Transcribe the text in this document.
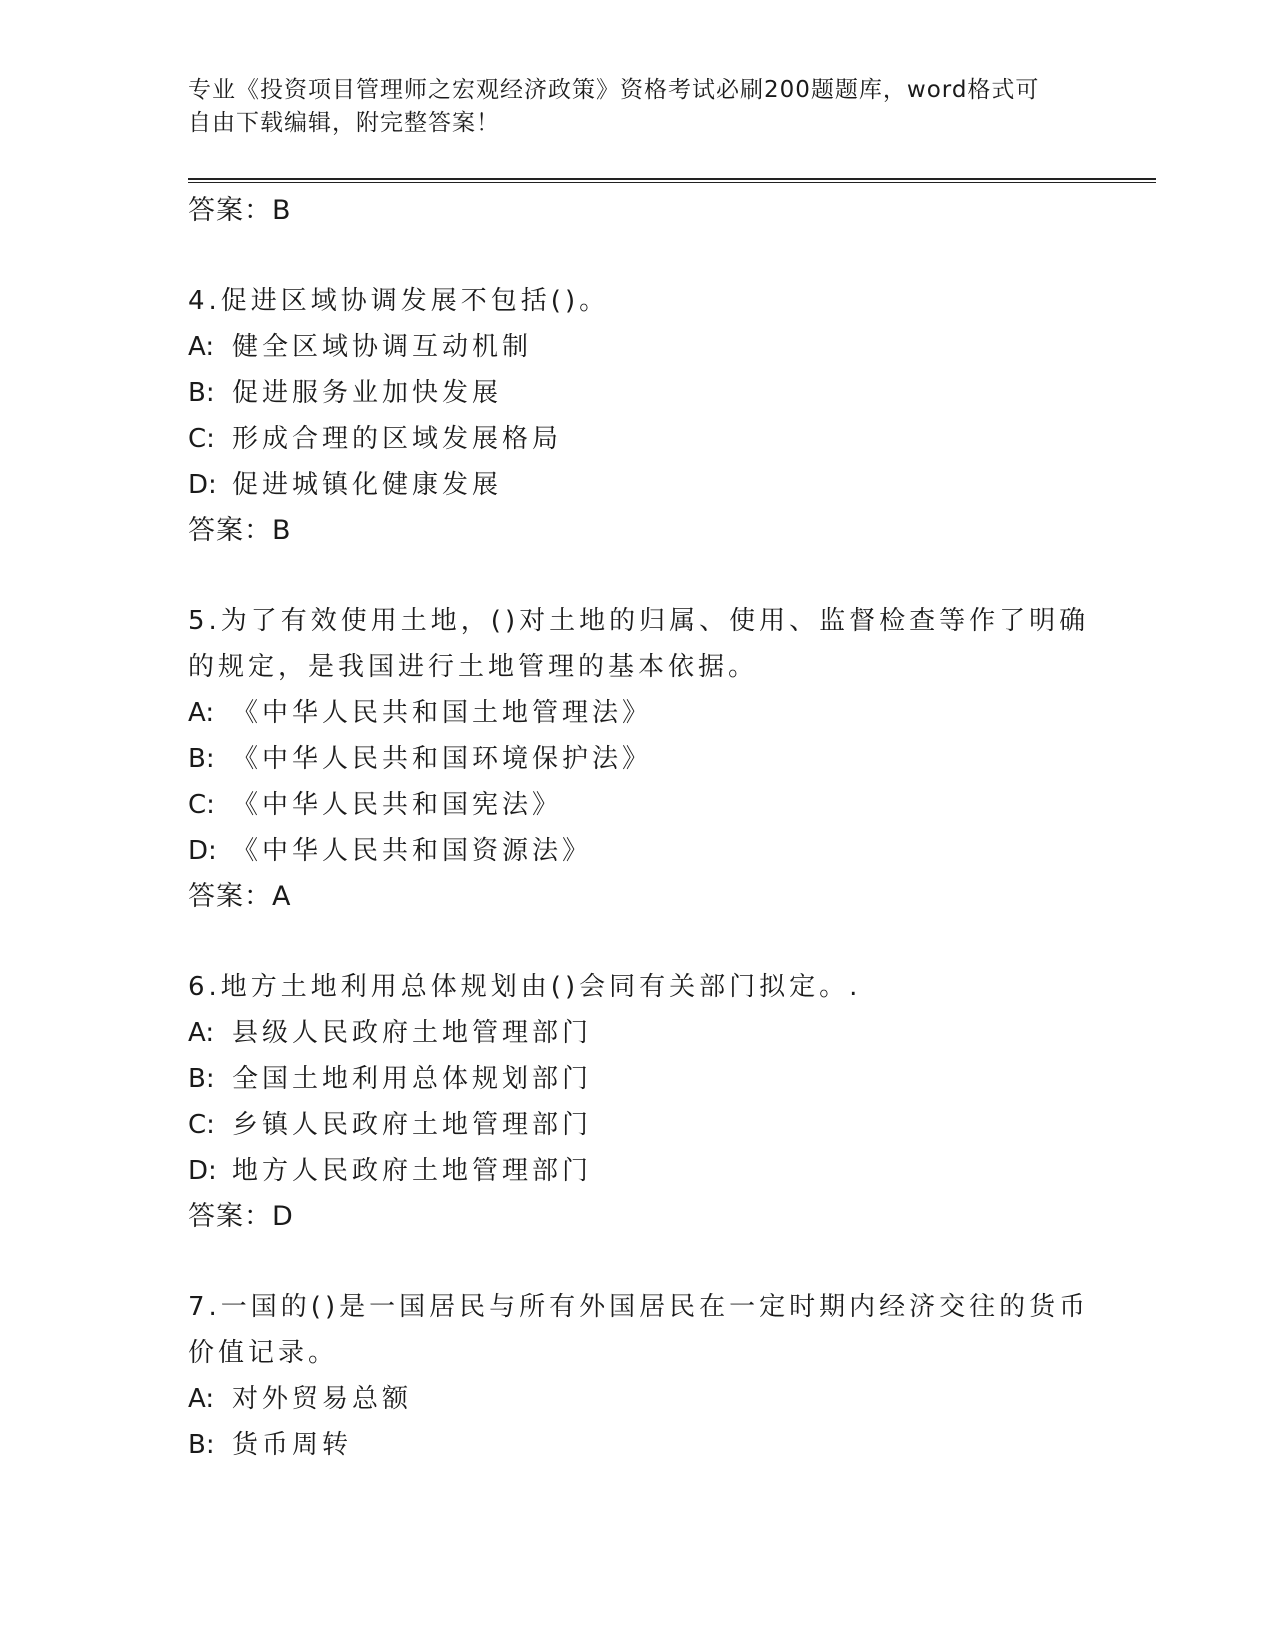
专业《投资项目管理师之宏观经济政策》资格考试必刷200题题库，word格式可
自由下载编辑，附完整答案！
答案：B
4.促进区域协调发展不包括()。
A: 健全区域协调互动机制
B: 促进服务业加快发展
C: 形成合理的区域发展格局
D: 促进城镇化健康发展
答案：B
5.为了有效使用土地，()对土地的归属、使用、监督检查等作了明确
的规定，是我国进行土地管理的基本依据。
A: 《中华人民共和国土地管理法》
B: 《中华人民共和国环境保护法》
C: 《中华人民共和国宪法》
D: 《中华人民共和国资源法》
答案：A
6.地方土地利用总体规划由()会同有关部门拟定。.
A: 县级人民政府土地管理部门
B: 全国土地利用总体规划部门
C: 乡镇人民政府土地管理部门
D: 地方人民政府土地管理部门
答案：D
7.一国的()是一国居民与所有外国居民在一定时期内经济交往的货币
价值记录。
A: 对外贸易总额
B: 货币周转
